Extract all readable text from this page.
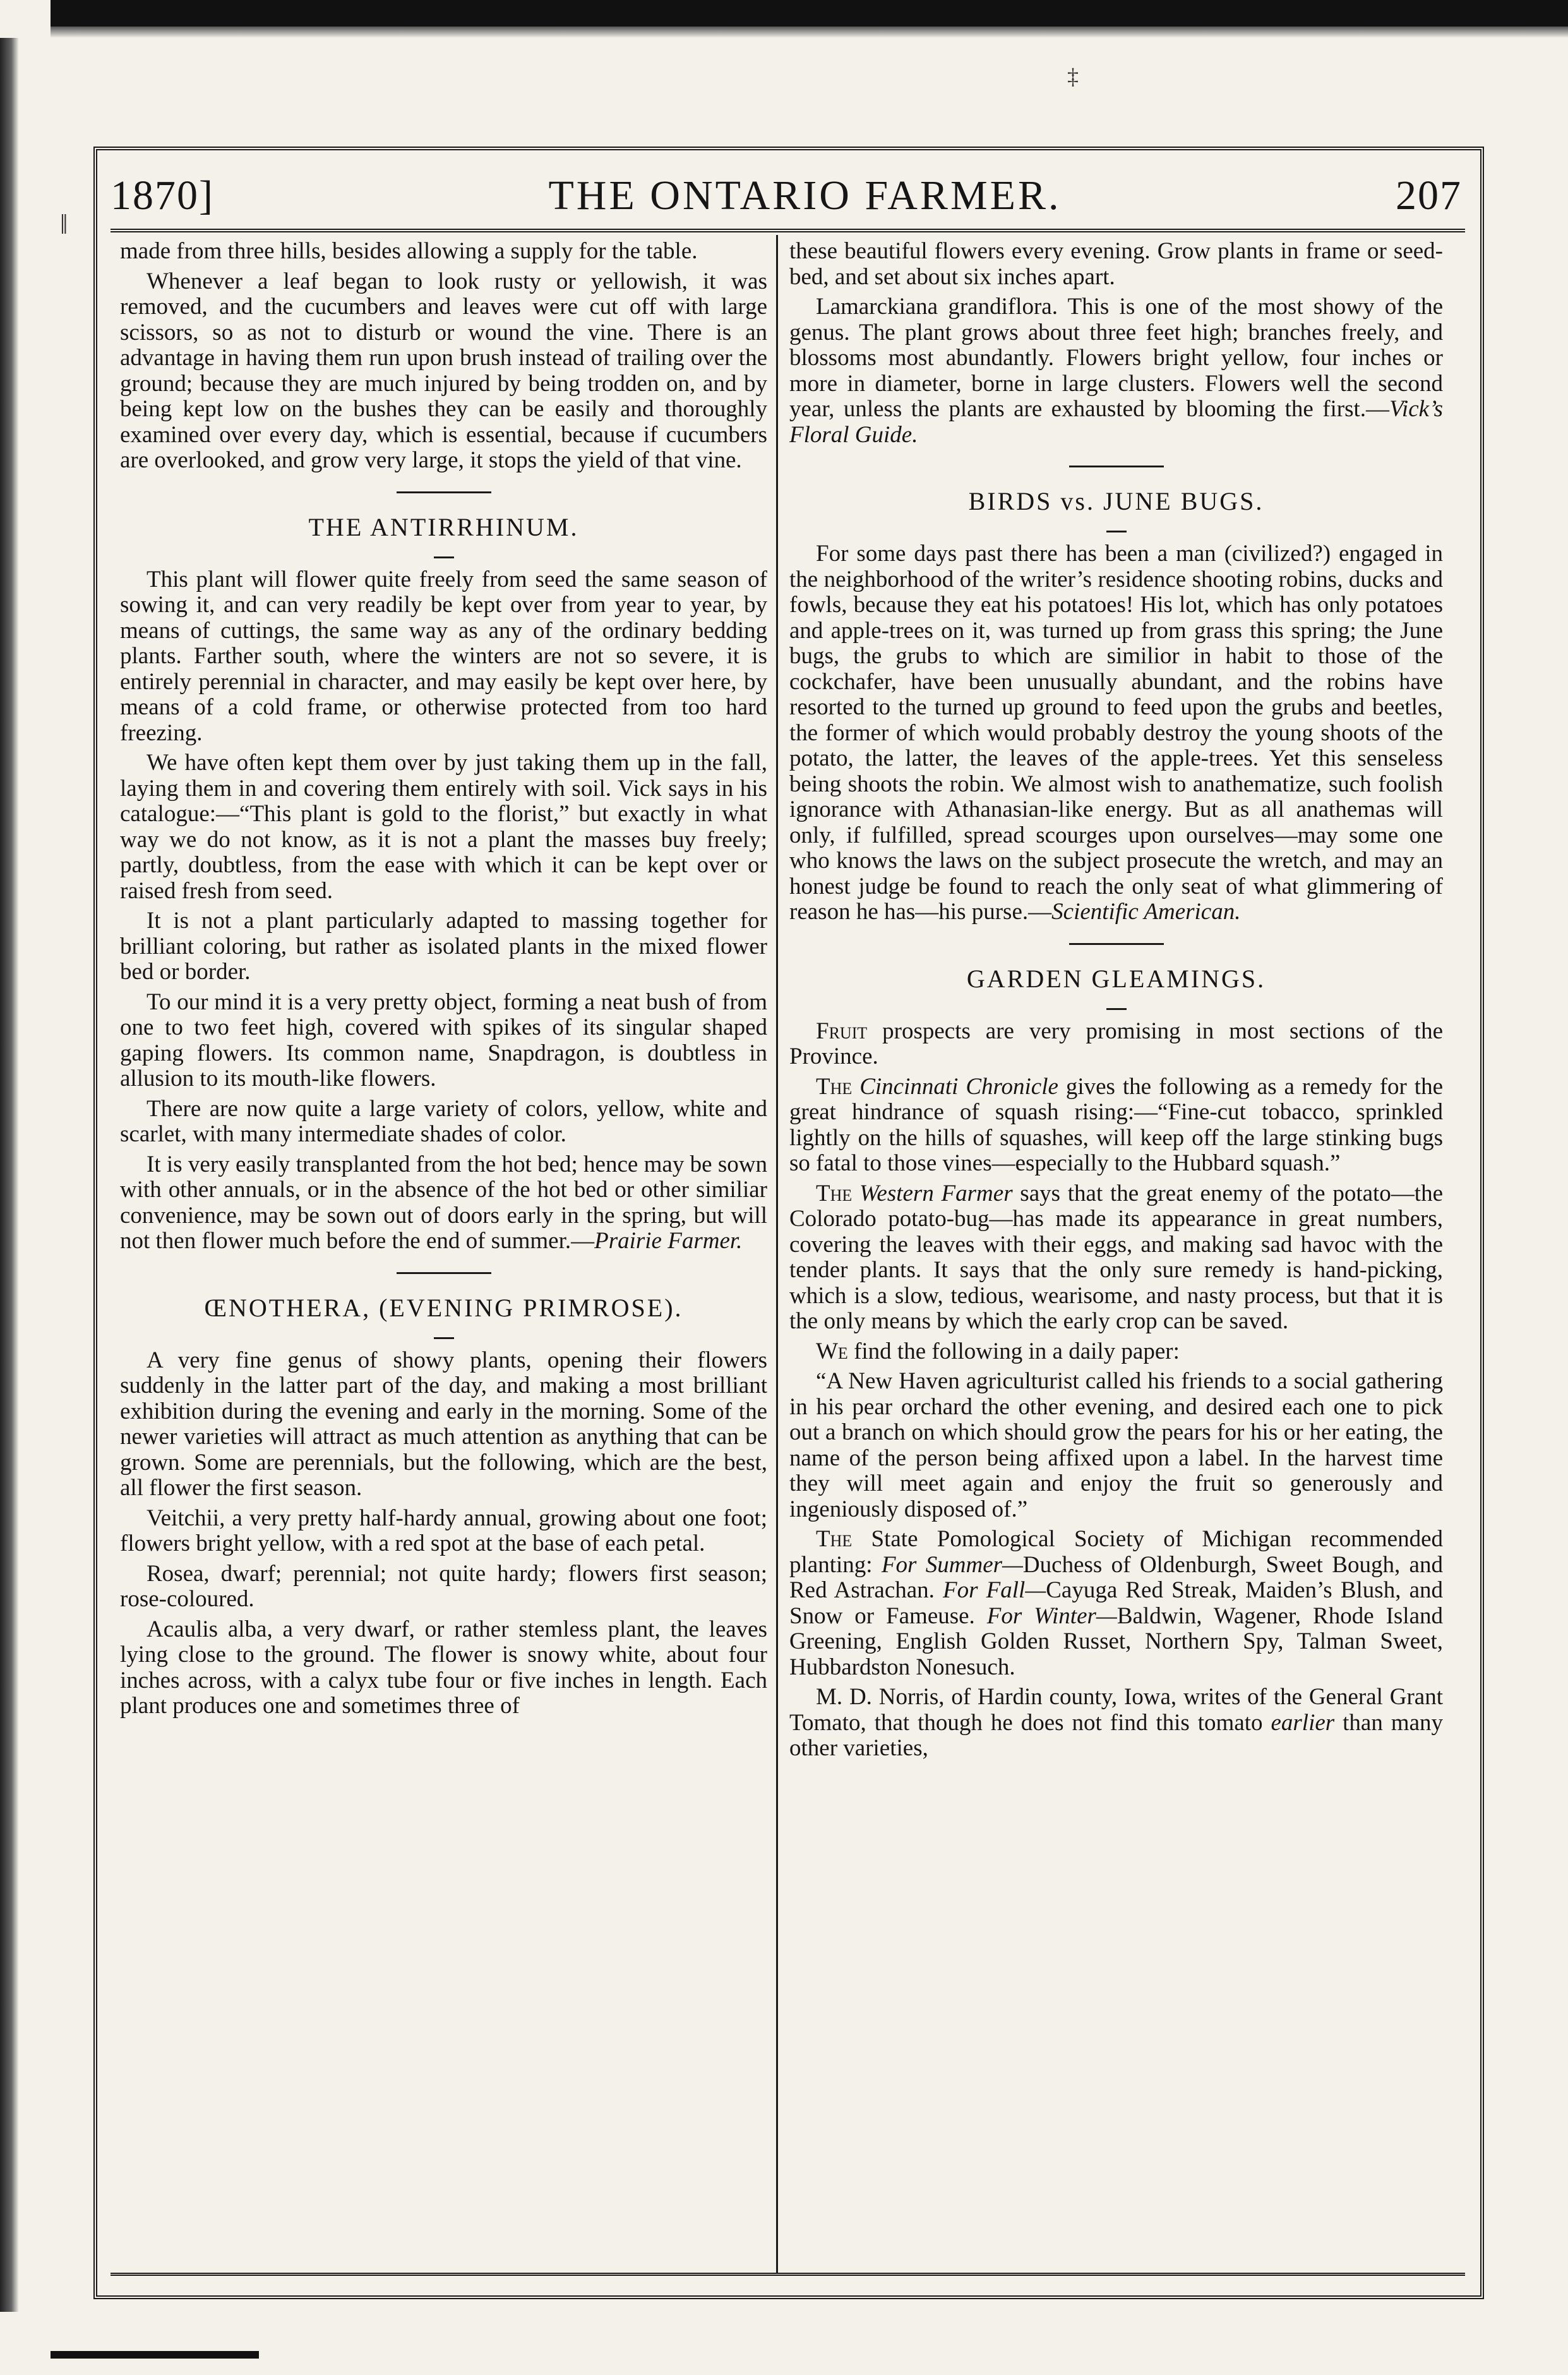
‡
‖
1870]	THE ONTARIO FARMER.	207

made from three hills, besides allowing a supply for the table.

Whenever a leaf began to look rusty or yellowish, it was removed, and the cucumbers and leaves were cut off with large scissors, so as not to disturb or wound the vine. There is an advantage in having them run upon brush instead of trailing over the ground; because they are much injured by being trodden on, and by being kept low on the bushes they can be easily and thoroughly examined over every day, which is essential, because if cucumbers are overlooked, and grow very large, it stops the yield of that vine.

THE ANTIRRHINUM.

This plant will flower quite freely from seed the same season of sowing it, and can very readily be kept over from year to year, by means of cuttings, the same way as any of the ordinary bedding plants. Farther south, where the winters are not so severe, it is entirely perennial in character, and may easily be kept over here, by means of a cold frame, or otherwise protected from too hard freezing.

We have often kept them over by just taking them up in the fall, laying them in and covering them entirely with soil. Vick says in his catalogue:—“This plant is gold to the florist,” but exactly in what way we do not know, as it is not a plant the masses buy freely; partly, doubtless, from the ease with which it can be kept over or raised fresh from seed.

It is not a plant particularly adapted to massing together for brilliant coloring, but rather as isolated plants in the mixed flower bed or border.

To our mind it is a very pretty object, forming a neat bush of from one to two feet high, covered with spikes of its singular shaped gaping flowers. Its common name, Snapdragon, is doubtless in allusion to its mouth-like flowers.

There are now quite a large variety of colors, yellow, white and scarlet, with many intermediate shades of color.

It is very easily transplanted from the hot bed; hence may be sown with other annuals, or in the absence of the hot bed or other similiar convenience, may be sown out of doors early in the spring, but will not then flower much before the end of summer.—Prairie Farmer.

ŒNOTHERA, (EVENING PRIMROSE).

A very fine genus of showy plants, opening their flowers suddenly in the latter part of the day, and making a most brilliant exhibition during the evening and early in the morning. Some of the newer varieties will attract as much attention as anything that can be grown. Some are perennials, but the following, which are the best, all flower the first season.

Veitchii, a very pretty half-hardy annual, growing about one foot; flowers bright yellow, with a red spot at the base of each petal.

Rosea, dwarf; perennial; not quite hardy; flowers first season; rose-coloured.

Acaulis alba, a very dwarf, or rather stemless plant, the leaves lying close to the ground. The flower is snowy white, about four inches across, with a calyx tube four or five inches in length. Each plant produces one and sometimes three of

these beautiful flowers every evening. Grow plants in frame or seed-bed, and set about six inches apart.

Lamarckiana grandiflora. This is one of the most showy of the genus. The plant grows about three feet high; branches freely, and blossoms most abundantly. Flowers bright yellow, four inches or more in diameter, borne in large clusters. Flowers well the second year, unless the plants are exhausted by blooming the first.—Vick’s Floral Guide.

BIRDS vs. JUNE BUGS.

For some days past there has been a man (civilized?) engaged in the neighborhood of the writer’s residence shooting robins, ducks and fowls, because they eat his potatoes! His lot, which has only potatoes and apple-trees on it, was turned up from grass this spring; the June bugs, the grubs to which are similior in habit to those of the cockchafer, have been unusually abundant, and the robins have resorted to the turned up ground to feed upon the grubs and beetles, the former of which would probably destroy the young shoots of the potato, the latter, the leaves of the apple-trees. Yet this senseless being shoots the robin. We almost wish to anathematize, such foolish ignorance with Athanasian-like energy. But as all anathemas will only, if fulfilled, spread scourges upon ourselves—may some one who knows the laws on the subject prosecute the wretch, and may an honest judge be found to reach the only seat of what glimmering of reason he has—his purse.—Scientific American.

GARDEN GLEAMINGS.

Fruit prospects are very promising in most sections of the Province.

The Cincinnati Chronicle gives the following as a remedy for the great hindrance of squash rising:—“Fine-cut tobacco, sprinkled lightly on the hills of squashes, will keep off the large stinking bugs so fatal to those vines—especially to the Hubbard squash.”

The Western Farmer says that the great enemy of the potato—the Colorado potato-bug—has made its appearance in great numbers, covering the leaves with their eggs, and making sad havoc with the tender plants. It says that the only sure remedy is hand-picking, which is a slow, tedious, wearisome, and nasty process, but that it is the only means by which the early crop can be saved.

We find the following in a daily paper:

“A New Haven agriculturist called his friends to a social gathering in his pear orchard the other evening, and desired each one to pick out a branch on which should grow the pears for his or her eating, the name of the person being affixed upon a label. In the harvest time they will meet again and enjoy the fruit so generously and ingeniously disposed of.”

The State Pomological Society of Michigan recommended planting: For Summer—Duchess of Oldenburgh, Sweet Bough, and Red Astrachan. For Fall—Cayuga Red Streak, Maiden’s Blush, and Snow or Fameuse. For Winter—Baldwin, Wagener, Rhode Island Greening, English Golden Russet, Northern Spy, Talman Sweet, Hubbardston Nonesuch.

M. D. Norris, of Hardin county, Iowa, writes of the General Grant Tomato, that though he does not find this tomato earlier than many other varieties,
